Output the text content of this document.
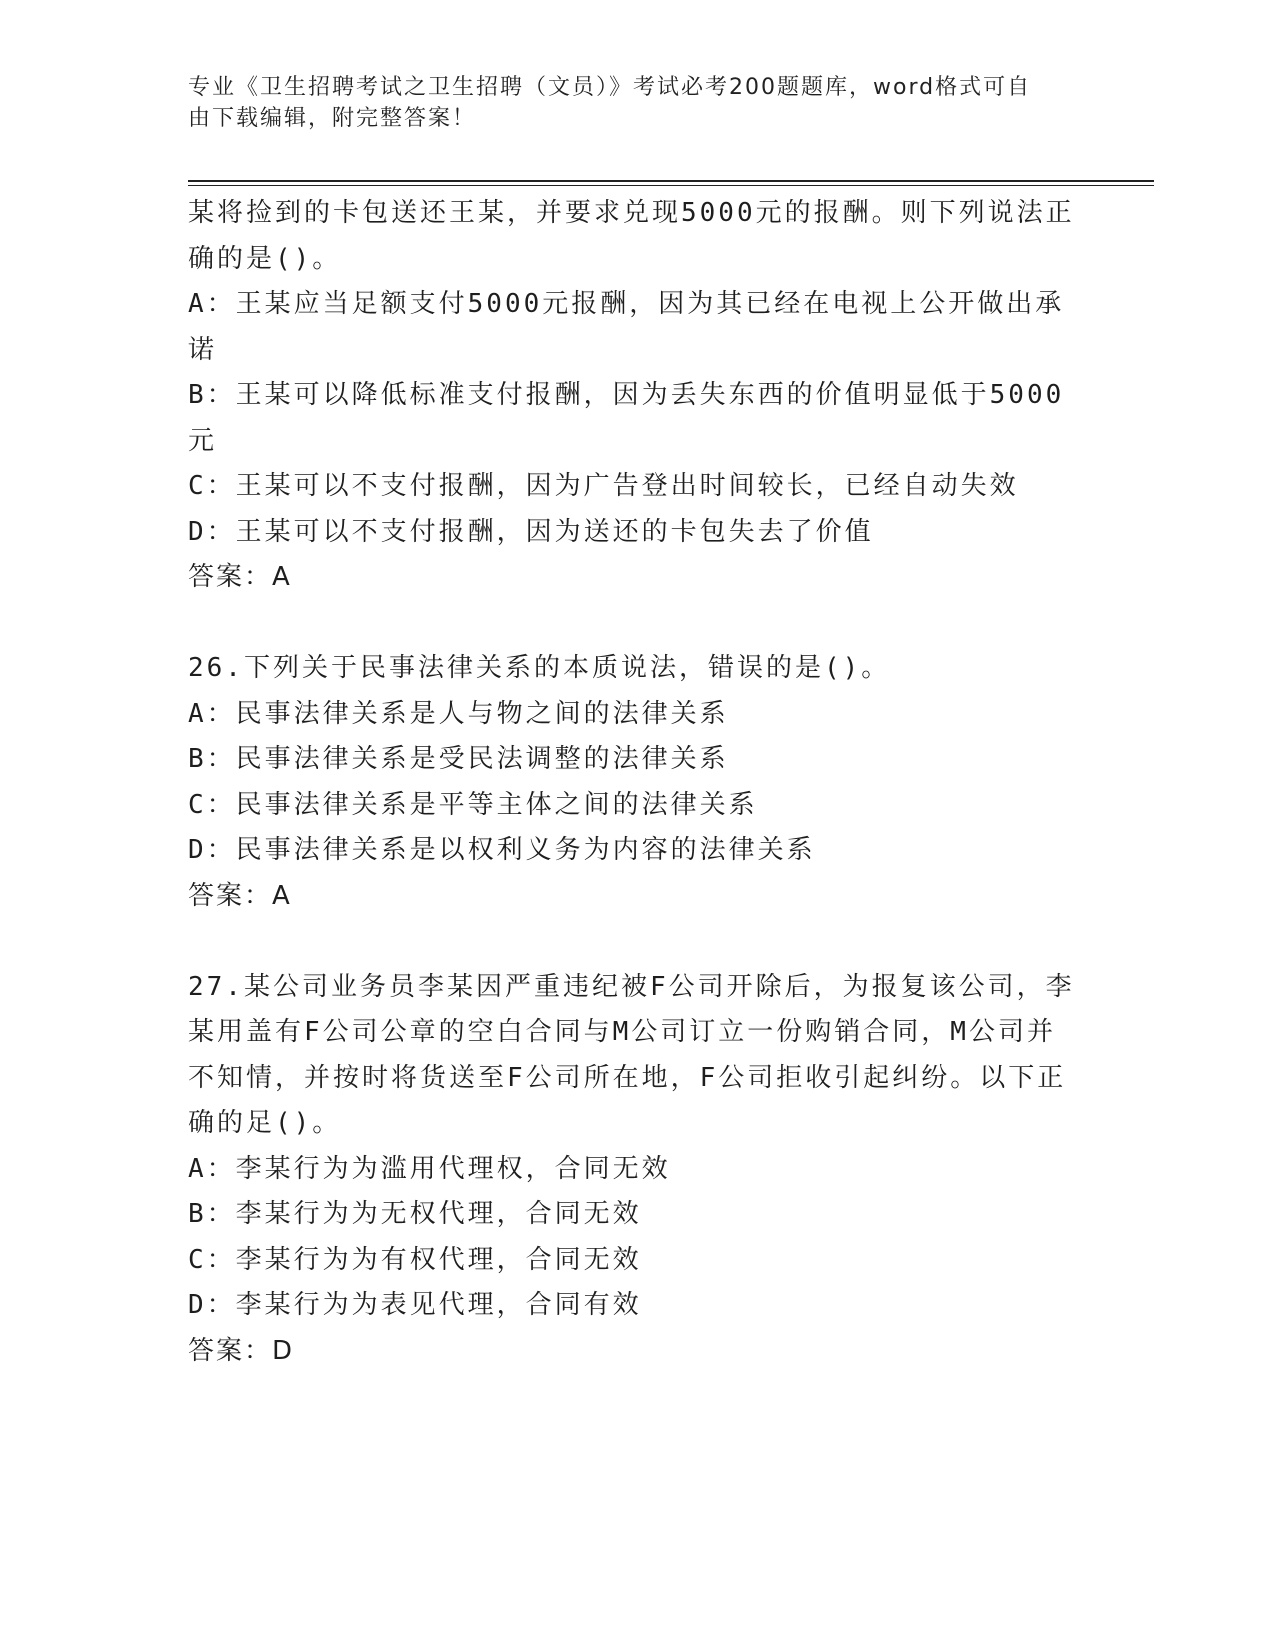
专业《卫生招聘考试之卫生招聘（文员）》考试必考200题题库，word格式可自
由下载编辑，附完整答案！

某将捡到的卡包送还王某，并要求兑现5000元的报酬。则下列说法正

确的是()。

A：王某应当足额支付5000元报酬，因为其已经在电视上公开做出承

诺

B：王某可以降低标准支付报酬，因为丢失东西的价值明显低于5000

元

C：王某可以不支付报酬，因为广告登出时间较长，已经自动失效

D：王某可以不支付报酬，因为送还的卡包失去了价值

答案：A

26.下列关于民事法律关系的本质说法，错误的是()。

A：民事法律关系是人与物之间的法律关系

B：民事法律关系是受民法调整的法律关系

C：民事法律关系是平等主体之间的法律关系

D：民事法律关系是以权利义务为内容的法律关系

答案：A

27.某公司业务员李某因严重违纪被F公司开除后，为报复该公司，李

某用盖有F公司公章的空白合同与M公司订立一份购销合同，M公司并

不知情，并按时将货送至F公司所在地，F公司拒收引起纠纷。以下正

确的足()。

A：李某行为为滥用代理权，合同无效

B：李某行为为无权代理，合同无效

C：李某行为为有权代理，合同无效

D：李某行为为表见代理，合同有效

答案：D
